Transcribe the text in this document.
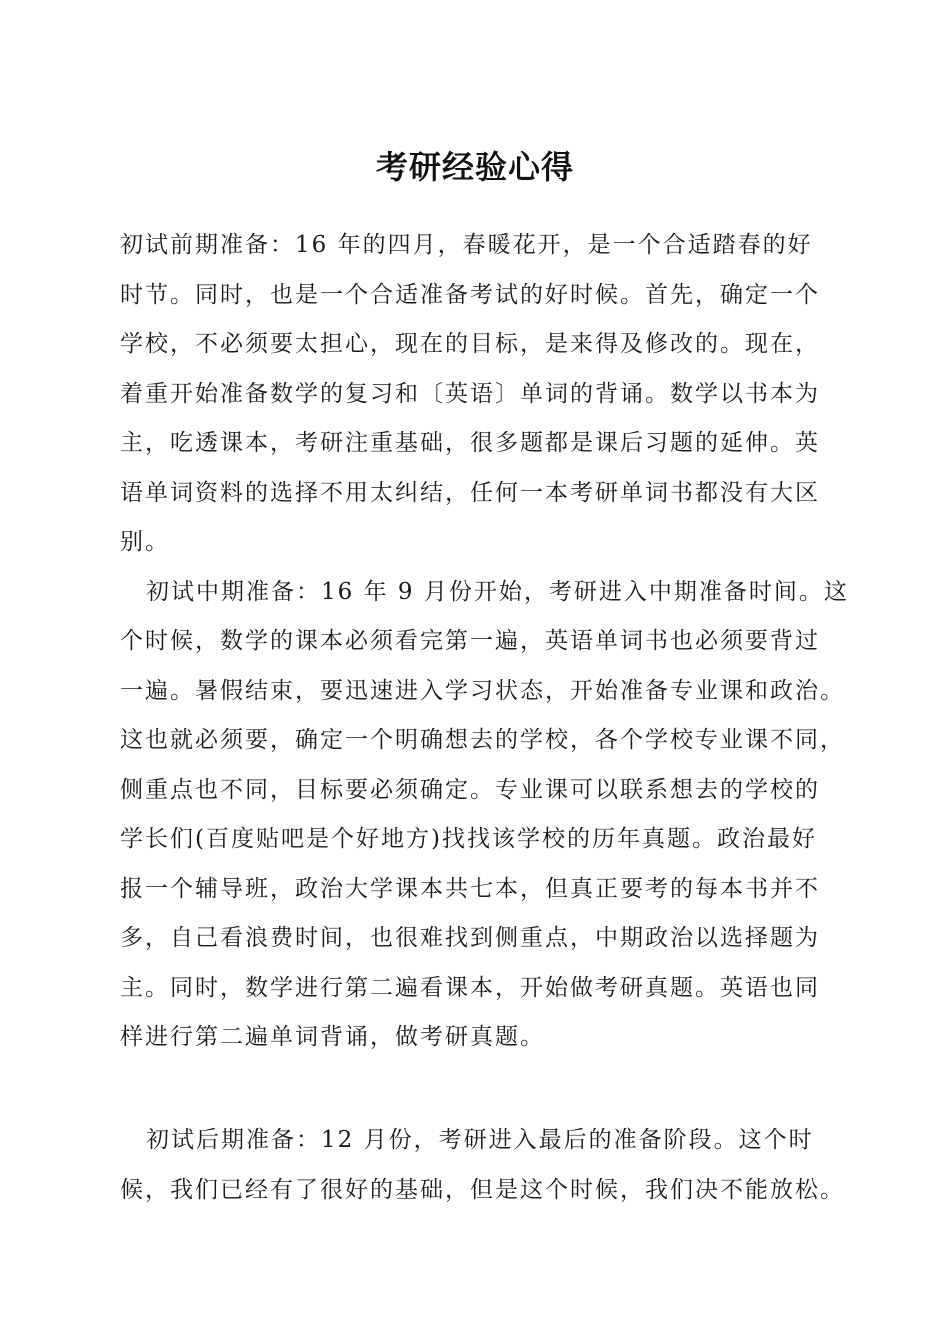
考研经验心得
初试前期准备：16 年的四月，春暖花开，是一个合适踏春的好
时节。同时，也是一个合适准备考试的好时候。首先，确定一个
学校，不必须要太担心，现在的目标，是来得及修改的。现在，
着重开始准备数学的复习和〔英语〕单词的背诵。数学以书本为
主，吃透课本，考研注重基础，很多题都是课后习题的延伸。英
语单词资料的选择不用太纠结，任何一本考研单词书都没有大区
别。
初试中期准备：16 年 9 月份开始，考研进入中期准备时间。这
个时候，数学的课本必须看完第一遍，英语单词书也必须要背过
一遍。暑假结束，要迅速进入学习状态，开始准备专业课和政治。
这也就必须要，确定一个明确想去的学校，各个学校专业课不同，
侧重点也不同，目标要必须确定。专业课可以联系想去的学校的
学长们(百度贴吧是个好地方)找找该学校的历年真题。政治最好
报一个辅导班，政治大学课本共七本，但真正要考的每本书并不
多，自己看浪费时间，也很难找到侧重点，中期政治以选择题为
主。同时，数学进行第二遍看课本，开始做考研真题。英语也同
样进行第二遍单词背诵，做考研真题。
初试后期准备：12 月份，考研进入最后的准备阶段。这个时
候，我们已经有了很好的基础，但是这个时候，我们决不能放松。
